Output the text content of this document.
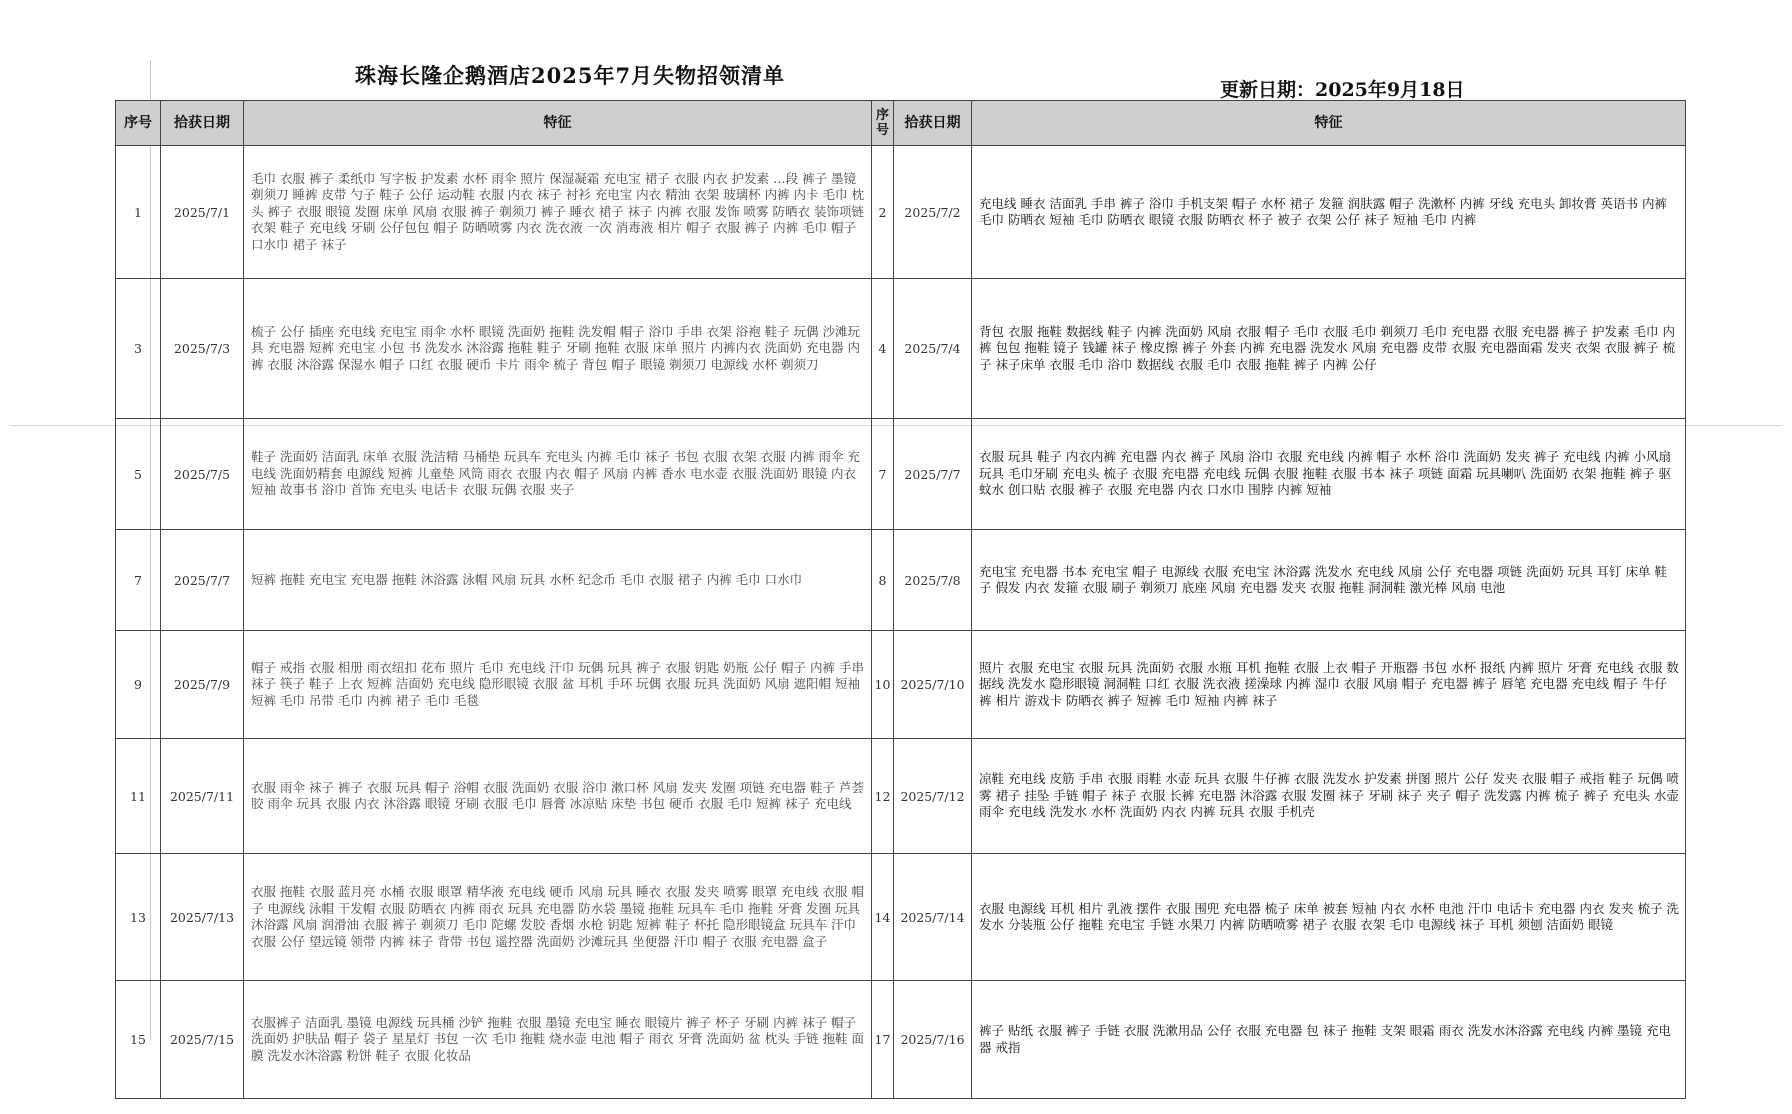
珠海长隆企鹅酒店2025年7月失物招领清单
更新日期：2025年9月18日
序号	拾获日期	特征	序号	拾获日期	特征
1	2025/7/1	毛巾 衣服 裤子 柔纸巾 写字板 护发素 水杯 雨伞 照片 保湿凝霜 充电宝 裙子 衣服 内衣 护发素 …段 裤子 墨镜 剃须刀 睡裤 皮带 勺子 鞋子 公仔 运动鞋 衣服 内衣 袜子 衬衫 充电宝 内衣 精油 衣架 玻璃杯 内裤 内卡 毛巾 枕头 裤子 衣服 眼镜 发圈 床单 风扇 衣服 裤子 剃须刀 裤子 睡衣 裙子 袜子 内裤 衣服 发饰 喷雾 防晒衣 装饰项链 衣架 鞋子 充电线 牙刷 公仔包包 帽子 防晒喷雾 内衣 洗衣液 一次 消毒液 相片 帽子 衣服 裤子 内裤 毛巾 帽子 口水巾 裙子 袜子	2	2025/7/2	充电线 睡衣 洁面乳 手串 裤子 浴巾 手机支架 帽子 水杯 裙子 发箍 润肤露 帽子 洗漱杯 内裤 牙线 充电头 卸妆膏 英语书 内裤 毛巾 防晒衣 短袖 毛巾 防晒衣 眼镜 衣服 防晒衣 杯子 被子 衣架 公仔 袜子 短袖 毛巾 内裤
3	2025/7/3	梳子 公仔 插座 充电线 充电宝 雨伞 水杯 眼镜 洗面奶 拖鞋 洗发帽 帽子 浴巾 手串 衣架 浴袍 鞋子 玩偶 沙滩玩具 充电器 短裤 充电宝 小包 书 洗发水 沐浴露 拖鞋 鞋子 牙刷 拖鞋 衣服 床单 照片 内裤内衣 洗面奶 充电器 内裤 衣服 沐浴露 保湿水 帽子 口红 衣服 硬币 卡片 雨伞 梳子 背包 帽子 眼镜 剃须刀 电源线 水杯 剃须刀	4	2025/7/4	背包 衣服 拖鞋 数据线 鞋子 内裤 洗面奶 风扇 衣服 帽子 毛巾 衣服 毛巾 剃须刀 毛巾 充电器 衣服 充电器 裤子 护发素 毛巾 内裤 包包 拖鞋 镜子 钱罐 袜子 橡皮擦 裤子 外套 内裤 充电器 洗发水 风扇 充电器 皮带 衣服 充电器面霜 发夹 衣架 衣服 裤子 梳子 袜子床单 衣服 毛巾 浴巾 数据线 衣服 毛巾 衣服 拖鞋 裤子 内裤 公仔
5	2025/7/5	鞋子 洗面奶 洁面乳 床单 衣服 洗洁精 马桶垫 玩具车 充电头 内裤 毛巾 袜子 书包 衣服 衣架 衣服 内裤 雨伞 充电线 洗面奶精套 电源线 短裤 儿童垫 风筒 雨衣 衣服 内衣 帽子 风扇 内裤 香水 电水壶 衣服 洗面奶 眼镜 内衣 短袖 故事书 浴巾 首饰 充电头 电话卡 衣服 玩偶 衣服 夹子	7	2025/7/7	衣服 玩具 鞋子 内衣内裤 充电器 内衣 裤子 风扇 浴巾 衣服 充电线 内裤 帽子 水杯 浴巾 洗面奶 发夹 裤子 充电线 内裤 小风扇 玩具 毛巾牙刷 充电头 梳子 衣服 充电器 充电线 玩偶 衣服 拖鞋 衣服 书本 袜子 项链 面霜 玩具喇叭 洗面奶 衣架 拖鞋 裤子 驱蚊水 创口贴 衣服 裤子 衣服 充电器 内衣 口水巾 围脖 内裤 短袖
7	2025/7/7	短裤 拖鞋 充电宝 充电器 拖鞋 沐浴露 泳帽 风扇 玩具 水杯 纪念币 毛巾 衣服 裙子 内裤 毛巾 口水巾	8	2025/7/8	充电宝 充电器 书本 充电宝 帽子 电源线 衣服 充电宝 沐浴露 洗发水 充电线 风扇 公仔 充电器 项链 洗面奶 玩具 耳钉 床单 鞋子 假发 内衣 发箍 衣服 刷子 剃须刀 底座 风扇 充电器 发夹 衣服 拖鞋 洞洞鞋 激光棒 风扇 电池
9	2025/7/9	帽子 戒指 衣服 相册 雨衣纽扣 花布 照片 毛巾 充电线 汗巾 玩偶 玩具 裤子 衣服 钥匙 奶瓶 公仔 帽子 内裤 手串 袜子 筷子 鞋子 上衣 短裤 洁面奶 充电线 隐形眼镜 衣服 盆 耳机 手环 玩偶 衣服 玩具 洗面奶 风扇 遮阳帽 短袖 短裤 毛巾 吊带 毛巾 内裤 裙子 毛巾 毛毯	10	2025/7/10	照片 衣服 充电宝 衣服 玩具 洗面奶 衣服 水瓶 耳机 拖鞋 衣服 上衣 帽子 开瓶器 书包 水杯 报纸 内裤 照片 牙膏 充电线 衣服 数据线 洗发水 隐形眼镜 洞洞鞋 口红 衣服 洗衣液 搓澡球 内裤 湿巾 衣服 风扇 帽子 充电器 裤子 唇笔 充电器 充电线 帽子 牛仔裤 相片 游戏卡 防晒衣 裤子 短裤 毛巾 短袖 内裤 袜子
11	2025/7/11	衣服 雨伞 袜子 裤子 衣服 玩具 帽子 浴帽 衣服 洗面奶 衣服 浴巾 漱口杯 风扇 发夹 发圈 项链 充电器 鞋子 芦荟胶 雨伞 玩具 衣服 内衣 沐浴露 眼镜 牙刷 衣服 毛巾 唇膏 冰凉贴 床垫 书包 硬币 衣服 毛巾 短裤 袜子 充电线	12	2025/7/12	凉鞋 充电线 皮筋 手串 衣服 雨鞋 水壶 玩具 衣服 牛仔裤 衣服 洗发水 护发素 拼图 照片 公仔 发夹 衣服 帽子 戒指 鞋子 玩偶 喷雾 裙子 挂坠 手链 帽子 袜子 衣服 长裤 充电器 沐浴露 衣服 发圈 袜子 牙刷 袜子 夹子 帽子 洗发露 内裤 梳子 裤子 充电头 水壶 雨伞 充电线 洗发水 水杯 洗面奶 内衣 内裤 玩具 衣服 手机壳
13	2025/7/13	衣服 拖鞋 衣服 蓝月亮 水桶 衣服 眼罩 精华液 充电线 硬币 风扇 玩具 睡衣 衣服 发夹 喷雾 眼罩 充电线 衣服 帽子 电源线 泳帽 干发帽 衣服 防晒衣 内裤 雨衣 玩具 充电器 防水袋 墨镜 拖鞋 玩具车 毛巾 拖鞋 牙膏 发圈 玩具 沐浴露 风扇 润滑油 衣服 裤子 剃须刀 毛巾 陀螺 发胶 香烟 水枪 钥匙 短裤 鞋子 杯托 隐形眼镜盒 玩具车 汗巾 衣服 公仔 望远镜 领带 内裤 袜子 背带 书包 遥控器 洗面奶 沙滩玩具 坐便器 汗巾 帽子 衣服 充电器 盒子	14	2025/7/14	衣服 电源线 耳机 相片 乳液 摆件 衣服 围兜 充电器 梳子 床单 被套 短袖 内衣 水杯 电池 汗巾 电话卡 充电器 内衣 发夹 梳子 洗发水 分装瓶 公仔 拖鞋 充电宝 手链 水果刀 内裤 防晒喷雾 裙子 衣服 衣架 毛巾 电源线 袜子 耳机 须刨 洁面奶 眼镜
15	2025/7/15	衣服裤子 洁面乳 墨镜 电源线 玩具桶 沙铲 拖鞋 衣服 墨镜 充电宝 睡衣 眼镜片 裤子 杯子 牙刷 内裤 袜子 帽子 洗面奶 护肤品 帽子 袋子 星星灯 书包 一次 毛巾 拖鞋 烧水壶 电池 帽子 雨衣 牙膏 洗面奶 盆 枕头 手链 拖鞋 面膜 洗发水沐浴露 粉饼 鞋子 衣服 化妆品	17	2025/7/16	裤子 贴纸 衣服 裤子 手链 衣服 洗漱用品 公仔 衣服 充电器 包 袜子 拖鞋 支架 眼霜 雨衣 洗发水沐浴露 充电线 内裤 墨镜 充电器 戒指
